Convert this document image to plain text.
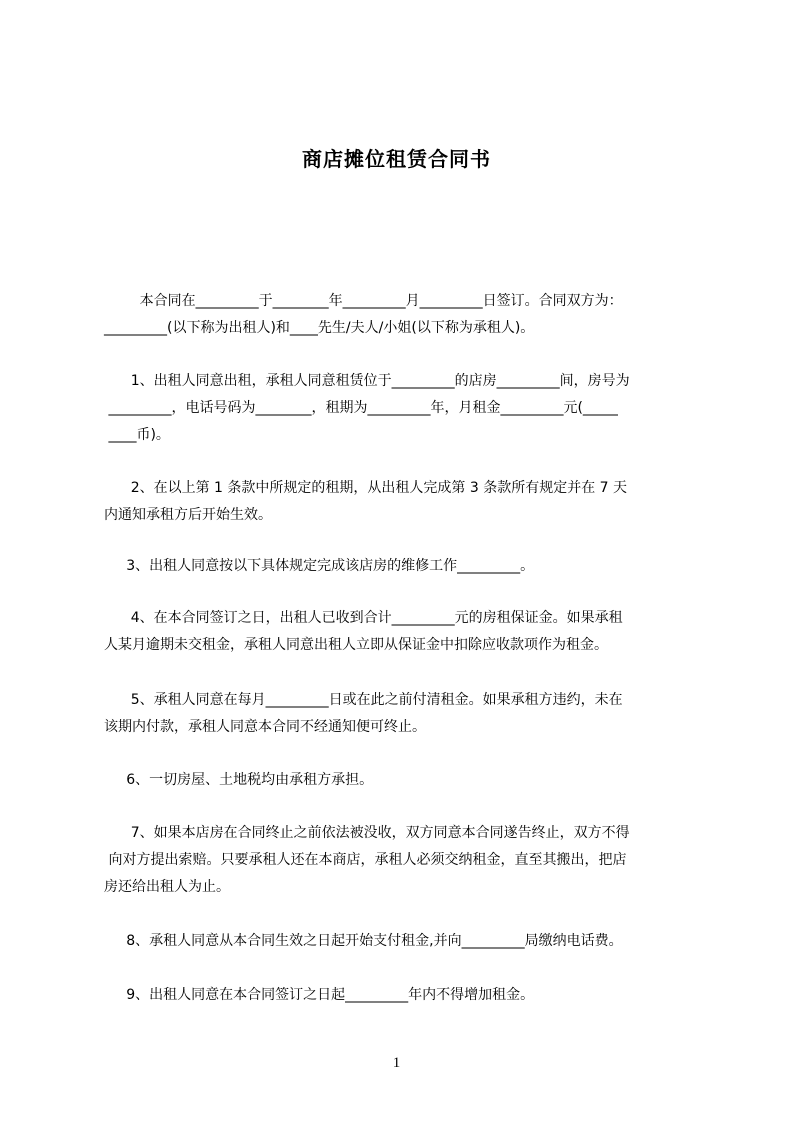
商店摊位租赁合同书

本合同在_________于________年_________月_________日签订。合同双方为：
_________(以下称为出租人)和____先生/夫人/小姐(以下称为承租人)。

1、出租人同意出租，承租人同意租赁位于_________的店房_________间，房号为
_________，电话号码为________，租期为_________年，月租金_________元(_____
____币)。

2、在以上第 1 条款中所规定的租期，从出租人完成第 3 条款所有规定并在 7 天
内通知承租方后开始生效。

3、出租人同意按以下具体规定完成该店房的维修工作_________。

4、在本合同签订之日，出租人已收到合计_________元的房租保证金。如果承租
人某月逾期未交租金，承租人同意出租人立即从保证金中扣除应收款项作为租金。

5、承租人同意在每月_________日或在此之前付清租金。如果承租方违约，未在
该期内付款，承租人同意本合同不经通知便可终止。

6、一切房屋、土地税均由承租方承担。

7、如果本店房在合同终止之前依法被没收，双方同意本合同遂告终止，双方不得
向对方提出索赔。只要承租人还在本商店，承租人必须交纳租金，直至其搬出，把店
房还给出租人为止。

8、承租人同意从本合同生效之日起开始支付租金,并向_________局缴纳电话费。

9、出租人同意在本合同签订之日起_________年内不得增加租金。

1
